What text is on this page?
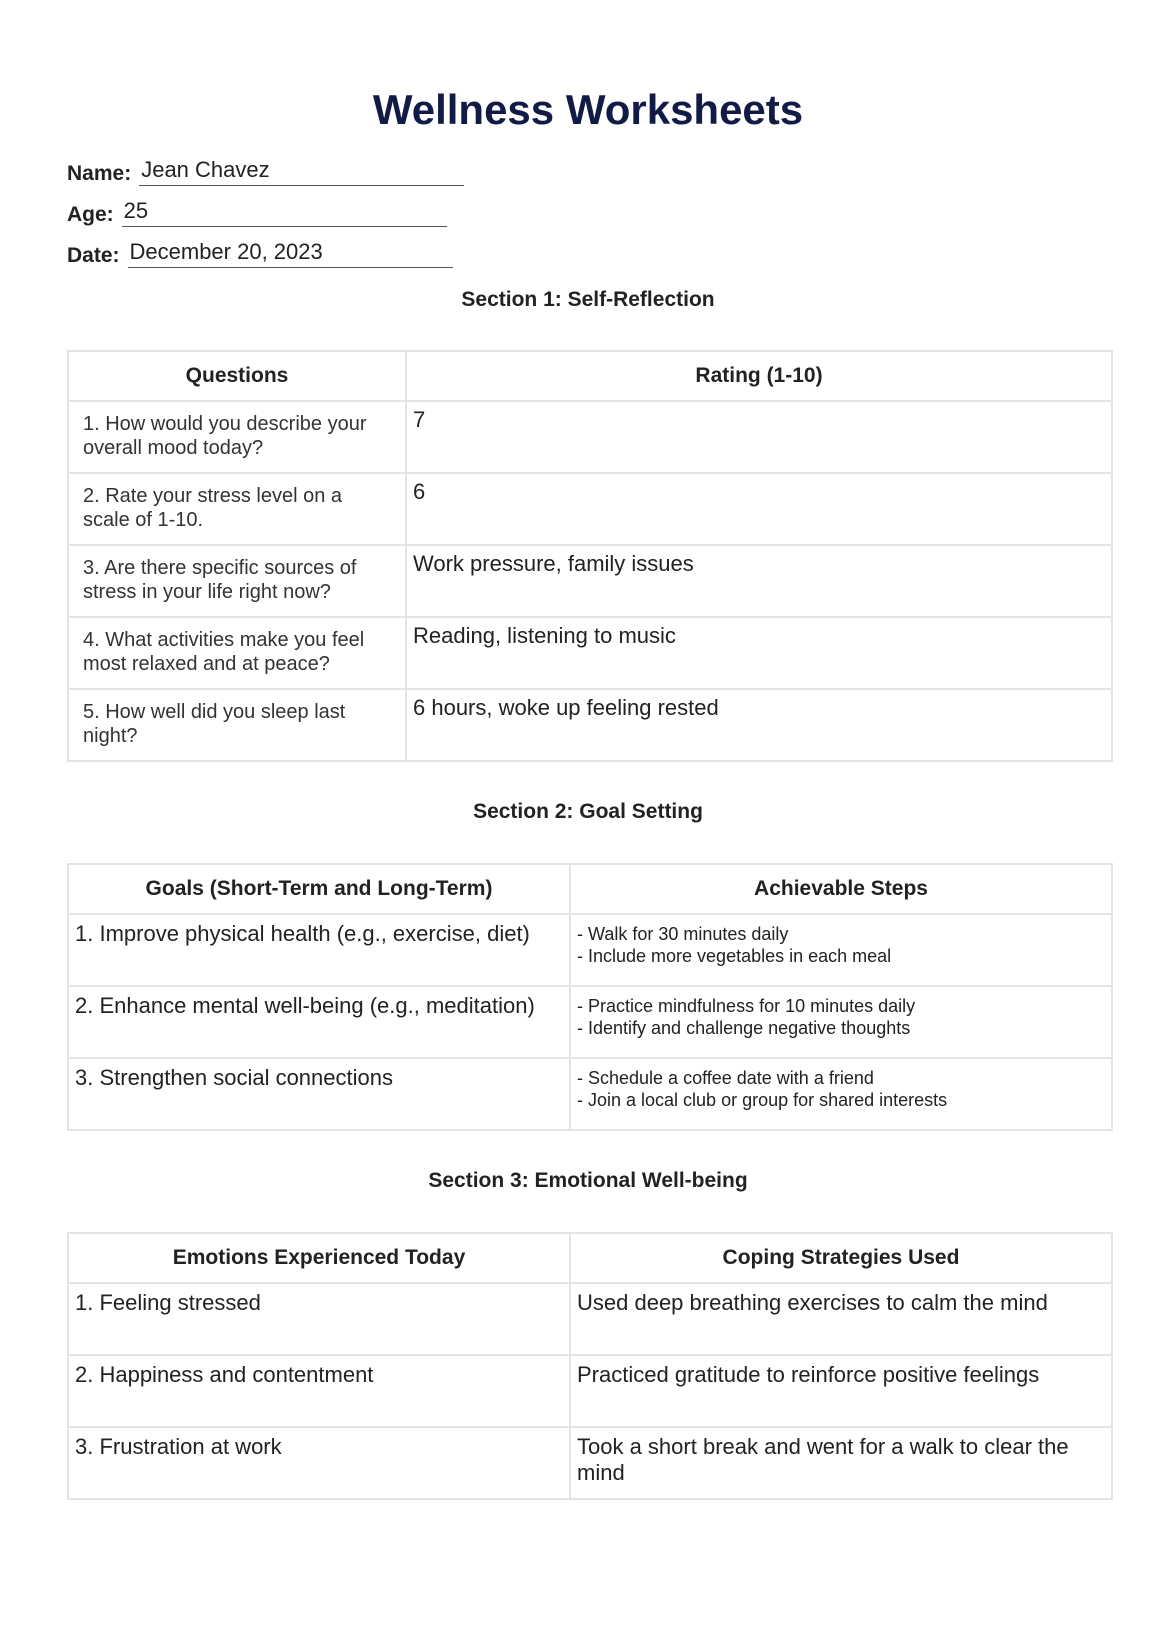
Wellness Worksheets
Name: Jean Chavez
Age: 25
Date: December 20, 2023
Section 1: Self-Reflection
Questions	Rating (1-10)
1. How would you describe your overall mood today?	7
2. Rate your stress level on a scale of 1-10.	6
3. Are there specific sources of stress in your life right now?	Work pressure, family issues
4. What activities make you feel most relaxed and at peace?	Reading, listening to music
5. How well did you sleep last night?	6 hours, woke up feeling rested
Section 2: Goal Setting
Goals (Short-Term and Long-Term)	Achievable Steps
1. Improve physical health (e.g., exercise, diet)	- Walk for 30 minutes daily
- Include more vegetables in each meal

2. Enhance mental well-being (e.g., meditation)	- Practice mindfulness for 10 minutes daily
- Identify and challenge negative thoughts

3. Strengthen social connections	- Schedule a coffee date with a friend
- Join a local club or group for shared interests
Section 3: Emotional Well-being
Emotions Experienced Today	Coping Strategies Used
1. Feeling stressed	Used deep breathing exercises to calm the mind
2. Happiness and contentment	Practiced gratitude to reinforce positive feelings
3. Frustration at work	Took a short break and went for a walk to clear the mind
